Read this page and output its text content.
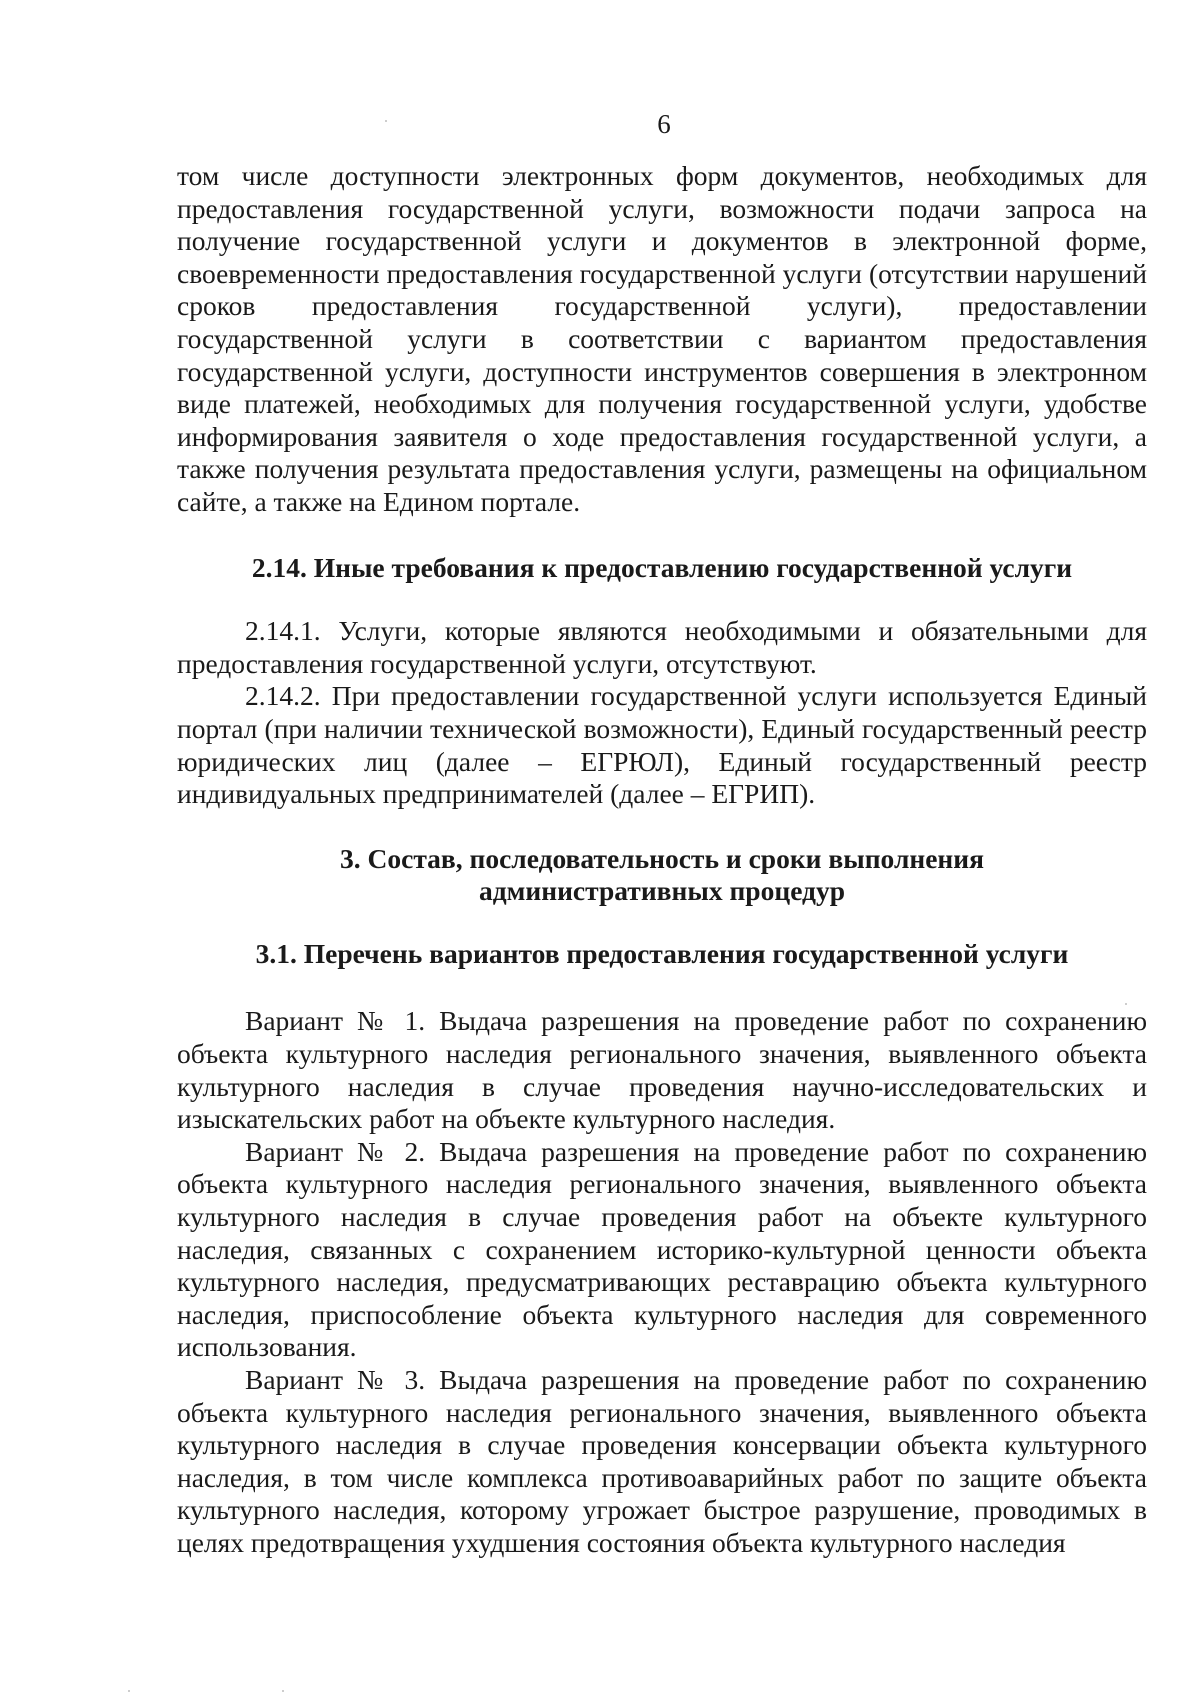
6

том числе доступности электронных форм документов, необходимых для предоставления государственной услуги, возможности подачи запроса на получение государственной услуги и документов в электронной форме, своевременности предоставления государственной услуги (отсутствии нарушений сроков предоставления государственной услуги), предоставлении государственной услуги в соответствии с вариантом предоставления государственной услуги, доступности инструментов совершения в электронном виде платежей, необходимых для получения государственной услуги, удобстве информирования заявителя о ходе предоставления государственной услуги, а также получения результата предоставления услуги, размещены на официальном сайте, а также на Едином портале.

2.14. Иные требования к предоставлению государственной услуги

2.14.1. Услуги, которые являются необходимыми и обязательными для предоставления государственной услуги, отсутствуют.

2.14.2. При предоставлении государственной услуги используется Единый портал (при наличии технической возможности), Единый государственный реестр юридических лиц (далее – ЕГРЮЛ), Единый государственный реестр индивидуальных предпринимателей (далее – ЕГРИП).

3. Состав, последовательность и сроки выполнения
административных процедур
3.1. Перечень вариантов предоставления государственной услуги

Вариант № 1. Выдача разрешения на проведение работ по сохранению объекта культурного наследия регионального значения, выявленного объекта культурного наследия в случае проведения научно-исследовательских и изыскательских работ на объекте культурного наследия.

Вариант № 2. Выдача разрешения на проведение работ по сохранению объекта культурного наследия регионального значения, выявленного объекта культурного наследия в случае проведения работ на объекте культурного наследия, связанных с сохранением историко-культурной ценности объекта культурного наследия, предусматривающих реставрацию объекта культурного наследия, приспособление объекта культурного наследия для современного использования.

Вариант № 3. Выдача разрешения на проведение работ по сохранению объекта культурного наследия регионального значения, выявленного объекта культурного наследия в случае проведения консервации объекта культурного наследия, в том числе комплекса противоаварийных работ по защите объекта культурного наследия, которому угрожает быстрое разрушение, проводимых в целях предотвращения ухудшения состояния объекта культурного наследия
